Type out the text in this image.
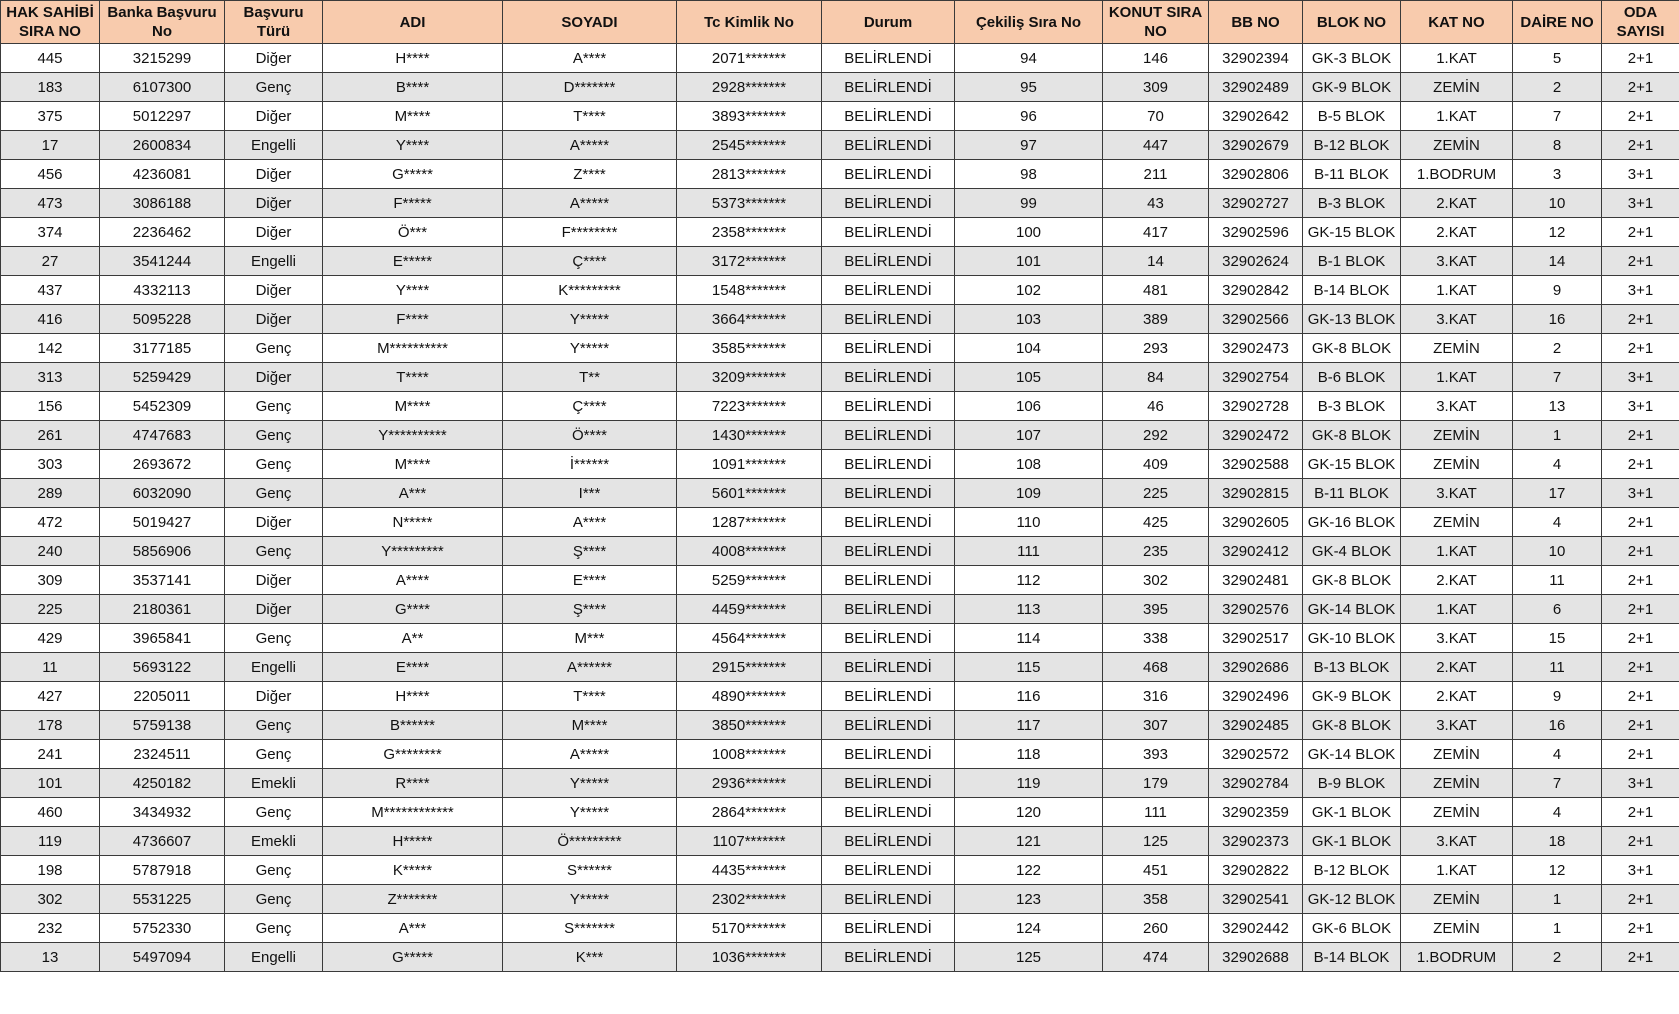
HAK SAHİBİ SIRA NO	Banka Başvuru No	Başvuru Türü	ADI	SOYADI	Tc Kimlik No	Durum	Çekiliş Sıra No	KONUT SIRA NO	BB NO	BLOK NO	KAT NO	DAİRE NO	ODA SAYISI
445	3215299	Diğer	H****	A****	2071*******	BELİRLENDİ	94	146	32902394	GK-3 BLOK	1.KAT	5	2+1
183	6107300	Genç	B****	D*******	2928*******	BELİRLENDİ	95	309	32902489	GK-9 BLOK	ZEMİN	2	2+1
375	5012297	Diğer	M****	T****	3893*******	BELİRLENDİ	96	70	32902642	B-5 BLOK	1.KAT	7	2+1
17	2600834	Engelli	Y****	A*****	2545*******	BELİRLENDİ	97	447	32902679	B-12 BLOK	ZEMİN	8	2+1
456	4236081	Diğer	G*****	Z****	2813*******	BELİRLENDİ	98	211	32902806	B-11 BLOK	1.BODRUM	3	3+1
473	3086188	Diğer	F*****	A*****	5373*******	BELİRLENDİ	99	43	32902727	B-3 BLOK	2.KAT	10	3+1
374	2236462	Diğer	Ö***	F********	2358*******	BELİRLENDİ	100	417	32902596	GK-15 BLOK	2.KAT	12	2+1
27	3541244	Engelli	E*****	Ç****	3172*******	BELİRLENDİ	101	14	32902624	B-1 BLOK	3.KAT	14	2+1
437	4332113	Diğer	Y****	K*********	1548*******	BELİRLENDİ	102	481	32902842	B-14 BLOK	1.KAT	9	3+1
416	5095228	Diğer	F****	Y*****	3664*******	BELİRLENDİ	103	389	32902566	GK-13 BLOK	3.KAT	16	2+1
142	3177185	Genç	M**********	Y*****	3585*******	BELİRLENDİ	104	293	32902473	GK-8 BLOK	ZEMİN	2	2+1
313	5259429	Diğer	T****	T**	3209*******	BELİRLENDİ	105	84	32902754	B-6 BLOK	1.KAT	7	3+1
156	5452309	Genç	M****	Ç****	7223*******	BELİRLENDİ	106	46	32902728	B-3 BLOK	3.KAT	13	3+1
261	4747683	Genç	Y**********	Ö****	1430*******	BELİRLENDİ	107	292	32902472	GK-8 BLOK	ZEMİN	1	2+1
303	2693672	Genç	M****	İ******	1091*******	BELİRLENDİ	108	409	32902588	GK-15 BLOK	ZEMİN	4	2+1
289	6032090	Genç	A***	I***	5601*******	BELİRLENDİ	109	225	32902815	B-11 BLOK	3.KAT	17	3+1
472	5019427	Diğer	N*****	A****	1287*******	BELİRLENDİ	110	425	32902605	GK-16 BLOK	ZEMİN	4	2+1
240	5856906	Genç	Y*********	Ş****	4008*******	BELİRLENDİ	111	235	32902412	GK-4 BLOK	1.KAT	10	2+1
309	3537141	Diğer	A****	E****	5259*******	BELİRLENDİ	112	302	32902481	GK-8 BLOK	2.KAT	11	2+1
225	2180361	Diğer	G****	Ş****	4459*******	BELİRLENDİ	113	395	32902576	GK-14 BLOK	1.KAT	6	2+1
429	3965841	Genç	A**	M***	4564*******	BELİRLENDİ	114	338	32902517	GK-10 BLOK	3.KAT	15	2+1
11	5693122	Engelli	E****	A******	2915*******	BELİRLENDİ	115	468	32902686	B-13 BLOK	2.KAT	11	2+1
427	2205011	Diğer	H****	T****	4890*******	BELİRLENDİ	116	316	32902496	GK-9 BLOK	2.KAT	9	2+1
178	5759138	Genç	B******	M****	3850*******	BELİRLENDİ	117	307	32902485	GK-8 BLOK	3.KAT	16	2+1
241	2324511	Genç	G********	A*****	1008*******	BELİRLENDİ	118	393	32902572	GK-14 BLOK	ZEMİN	4	2+1
101	4250182	Emekli	R****	Y*****	2936*******	BELİRLENDİ	119	179	32902784	B-9 BLOK	ZEMİN	7	3+1
460	3434932	Genç	M************	Y*****	2864*******	BELİRLENDİ	120	111	32902359	GK-1 BLOK	ZEMİN	4	2+1
119	4736607	Emekli	H*****	Ö*********	1107*******	BELİRLENDİ	121	125	32902373	GK-1 BLOK	3.KAT	18	2+1
198	5787918	Genç	K*****	S******	4435*******	BELİRLENDİ	122	451	32902822	B-12 BLOK	1.KAT	12	3+1
302	5531225	Genç	Z*******	Y*****	2302*******	BELİRLENDİ	123	358	32902541	GK-12 BLOK	ZEMİN	1	2+1
232	5752330	Genç	A***	S*******	5170*******	BELİRLENDİ	124	260	32902442	GK-6 BLOK	ZEMİN	1	2+1
13	5497094	Engelli	G*****	K***	1036*******	BELİRLENDİ	125	474	32902688	B-14 BLOK	1.BODRUM	2	2+1
